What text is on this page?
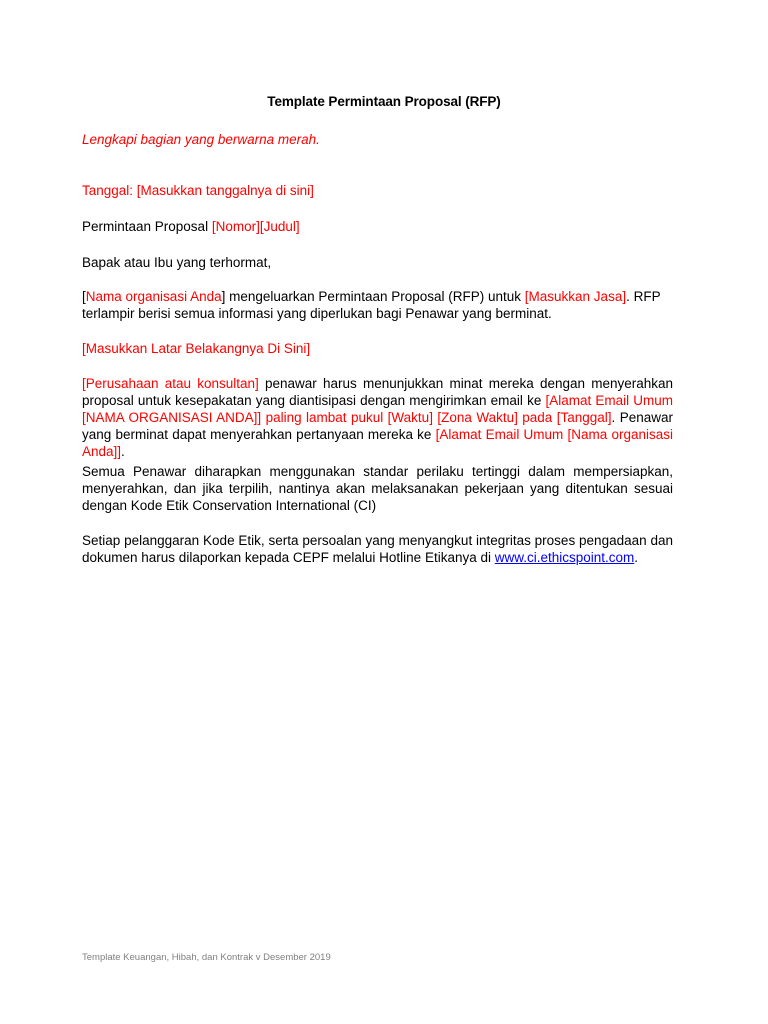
Template Permintaan Proposal (RFP)
Lengkapi bagian yang berwarna merah.
Tanggal: [Masukkan tanggalnya di sini]
Permintaan Proposal [Nomor][Judul]
Bapak atau Ibu yang terhormat,
[Nama organisasi Anda] mengeluarkan Permintaan Proposal (RFP) untuk [Masukkan Jasa]. RFP terlampir berisi semua informasi yang diperlukan bagi Penawar yang berminat.
[Masukkan Latar Belakangnya Di Sini]
[Perusahaan atau konsultan] penawar harus menunjukkan minat mereka dengan menyerahkan proposal untuk kesepakatan yang diantisipasi dengan mengirimkan email ke [Alamat Email Umum [NAMA ORGANISASI ANDA]] paling lambat pukul [Waktu] [Zona Waktu] pada [Tanggal]. Penawar yang berminat dapat menyerahkan pertanyaan mereka ke [Alamat Email Umum [Nama organisasi Anda]].
Semua Penawar diharapkan menggunakan standar perilaku tertinggi dalam mempersiapkan, menyerahkan, dan jika terpilih, nantinya akan melaksanakan pekerjaan yang ditentukan sesuai dengan Kode Etik Conservation International (CI)
Setiap pelanggaran Kode Etik, serta persoalan yang menyangkut integritas proses pengadaan dan dokumen harus dilaporkan kepada CEPF melalui Hotline Etikanya di www.ci.ethicspoint.com.
Template Keuangan, Hibah, dan Kontrak v Desember 2019
